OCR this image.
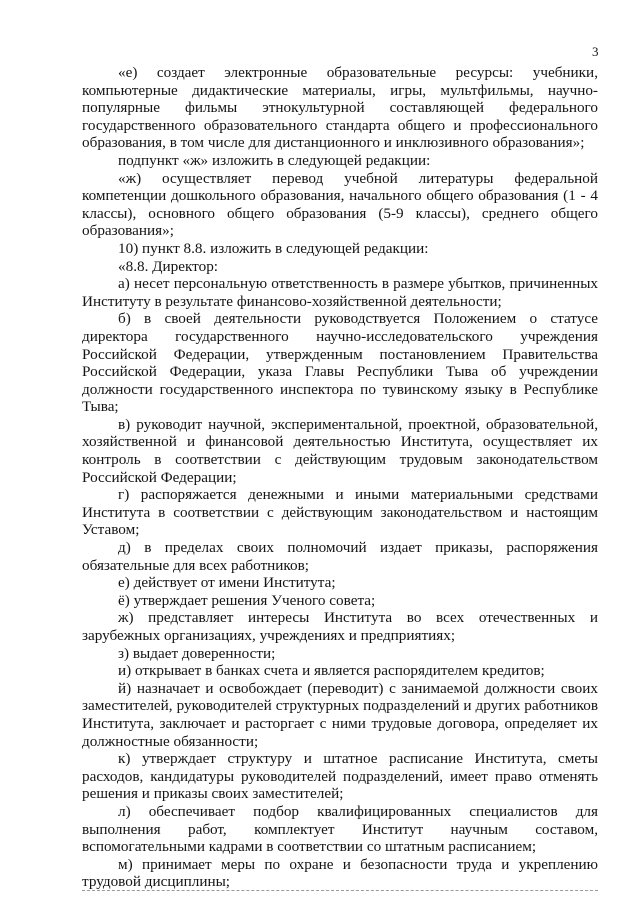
3

«е) создает электронные образовательные ресурсы: учебники, компьютерные дидактические материалы, игры, мультфильмы, научно-популярные фильмы этнокультурной составляющей федерального государственного образовательного стандарта общего и профессионального образования, в том числе для дистанционного и инклюзивного образования»;

подпункт «ж» изложить в следующей редакции:

«ж) осуществляет перевод учебной литературы федеральной компетенции дошкольного образования, начального общего образования (1 - 4 классы), основного общего образования (5-9 классы), среднего общего образования»;

10) пункт 8.8. изложить в следующей редакции:

«8.8. Директор:

а) несет персональную ответственность в размере убытков, причиненных Институту в результате финансово-хозяйственной деятельности;

б) в своей деятельности руководствуется Положением о статусе директора государственного научно-исследовательского учреждения Российской Федерации, утвержденным постановлением Правительства Российской Федерации, указа Главы Республики Тыва об учреждении должности государственного инспектора по тувинскому языку в Республике Тыва;

в) руководит научной, экспериментальной, проектной, образовательной, хозяйственной и финансовой деятельностью Института, осуществляет их контроль в соответствии с действующим трудовым законодательством Российской Федерации;

г) распоряжается денежными и иными материальными средствами Института в соответствии с действующим законодательством и настоящим Уставом;

д) в пределах своих полномочий издает приказы, распоряжения обязательные для всех работников;

е) действует от имени Института;

ё) утверждает решения Ученого совета;

ж) представляет интересы Института во всех отечественных и зарубежных организациях, учреждениях и предприятиях;

з) выдает доверенности;

и) открывает в банках счета и является распорядителем кредитов;

й) назначает и освобождает (переводит) с занимаемой должности своих заместителей, руководителей структурных подразделений и других работников Института, заключает и расторгает с ними трудовые договора, определяет их должностные обязанности;

к) утверждает структуру и штатное расписание Института, сметы расходов, кандидатуры руководителей подразделений, имеет право отменять решения и приказы своих заместителей;

л) обеспечивает подбор квалифицированных специалистов для выполнения работ, комплектует Институт научным составом, вспомогательными кадрами в соответствии со штатным расписанием;

м) принимает меры по охране и безопасности труда и укреплению трудовой дисциплины;
